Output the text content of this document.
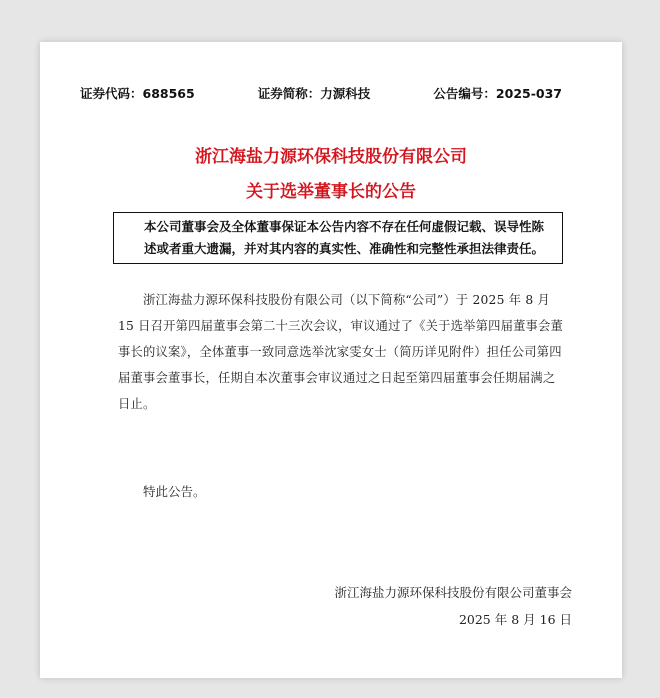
证券代码：688565	证券简称：力源科技	公告编号：2025-037
浙江海盐力源环保科技股份有限公司
关于选举董事长的公告
本公司董事会及全体董事保证本公告内容不存在任何虚假记载、误导性陈述或者重大遗漏，并对其内容的真实性、准确性和完整性承担法律责任。

浙江海盐力源环保科技股份有限公司（以下简称“公司”）于 2025 年 8 月 15 日召开第四届董事会第二十三次会议，审议通过了《关于选举第四届董事会董事长的议案》，全体董事一致同意选举沈家雯女士（简历详见附件）担任公司第四届董事会董事长，任期自本次董事会审议通过之日起至第四届董事会任期届满之日止。

特此公告。
浙江海盐力源环保科技股份有限公司董事会
2025 年 8 月 16 日
